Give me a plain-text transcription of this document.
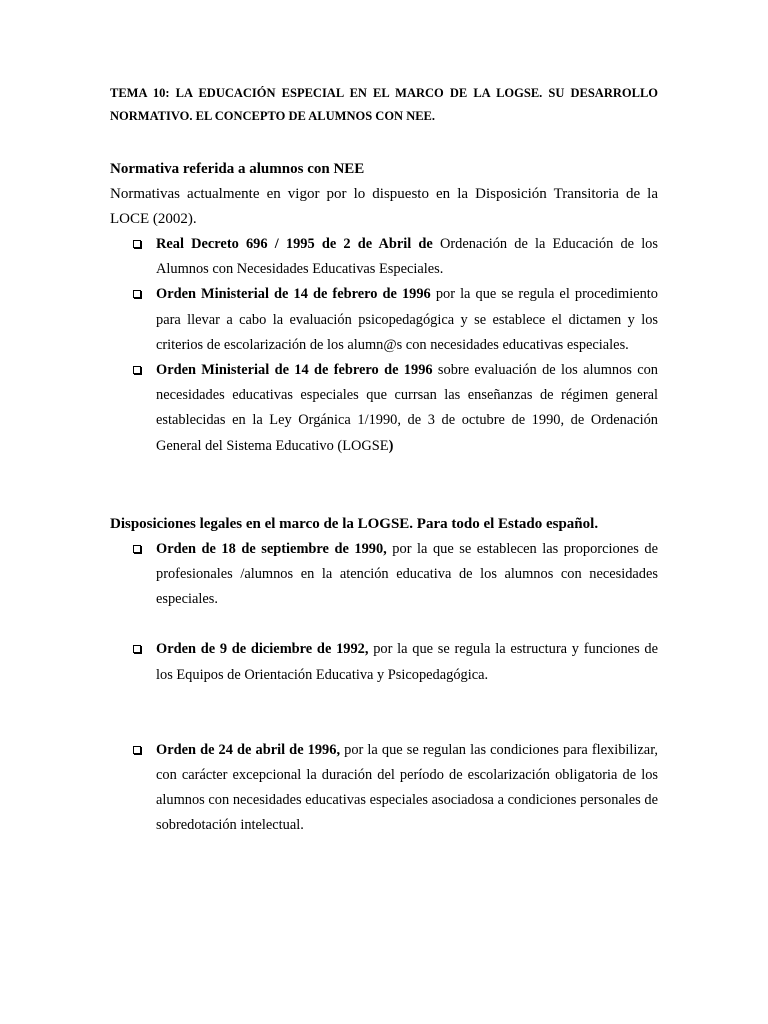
TEMA 10: LA EDUCACIÓN ESPECIAL EN EL MARCO DE LA LOGSE. SU DESARROLLO NORMATIVO. EL CONCEPTO DE ALUMNOS CON NEE.

Normativa referida a alumnos con NEE

Normativas actualmente en vigor por lo dispuesto en la Disposición Transitoria de la LOCE (2002).

Real Decreto 696 / 1995 de 2 de Abril de Ordenación de la Educación de los Alumnos con Necesidades Educativas Especiales.
Orden Ministerial de 14 de febrero de 1996 por la que se regula el procedimiento para llevar a cabo la evaluación psicopedagógica y se establece el dictamen y los criterios de escolarización de los alumn@s con necesidades educativas especiales.
Orden Ministerial de 14 de febrero de 1996 sobre evaluación de los alumnos con necesidades educativas especiales que currsan las enseñanzas de régimen general establecidas en la Ley Orgánica 1/1990, de 3 de octubre de 1990, de Ordenación General del Sistema Educativo (LOGSE)
Disposiciones legales en el marco de la LOGSE. Para todo el Estado español.
Orden de 18 de septiembre de 1990, por la que se establecen las proporciones de profesionales /alumnos en la atención educativa de los alumnos con necesidades especiales.
Orden de 9 de diciembre de 1992, por la que se regula la estructura y funciones de los Equipos de Orientación Educativa y Psicopedagógica.
Orden de 24 de abril de 1996, por la que se regulan las condiciones para flexibilizar, con carácter excepcional la duración del período de escolarización obligatoria de los alumnos con necesidades educativas especiales asociadosa a condiciones personales de sobredotación intelectual.
